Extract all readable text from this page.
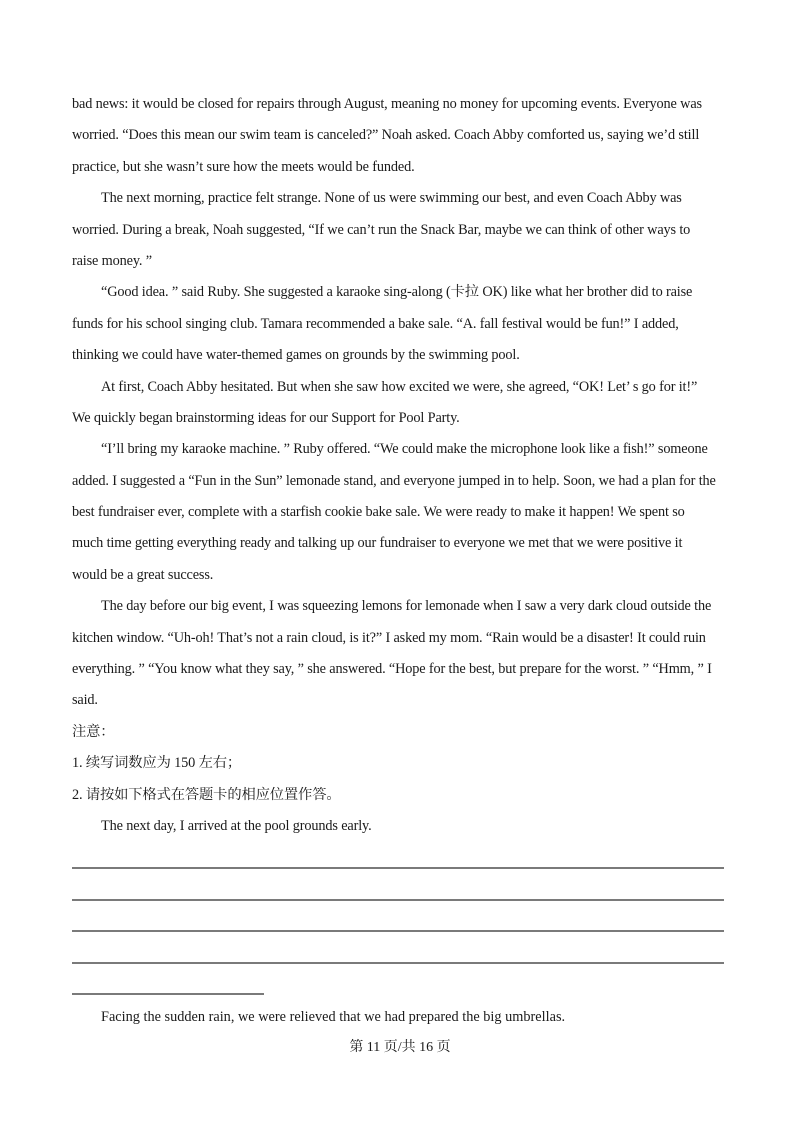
bad news: it would be closed for repairs through August, meaning no money for upcoming events. Everyone was
worried. “Does this mean our swim team is canceled?” Noah asked. Coach Abby comforted us, saying we’d still
practice, but she wasn’t sure how the meets would be funded.
The next morning, practice felt strange. None of us were swimming our best, and even Coach Abby was
worried. During a break, Noah suggested, “If we can’t run the Snack Bar, maybe we can think of other ways to
raise money. ”
“Good idea. ” said Ruby. She suggested a karaoke sing-along (卡拉 OK) like what her brother did to raise
funds for his school singing club. Tamara recommended a bake sale. “A. fall festival would be fun!” I added,
thinking we could have water-themed games on grounds by the swimming pool.
At first, Coach Abby hesitated. But when she saw how excited we were, she agreed, “OK! Let’ s go for it!”
We quickly began brainstorming ideas for our Support for Pool Party.
“I’ll bring my karaoke machine. ” Ruby offered. “We could make the microphone look like a fish!” someone
added. I suggested a “Fun in the Sun” lemonade stand, and everyone jumped in to help. Soon, we had a plan for the
best fundraiser ever, complete with a starfish cookie bake sale. We were ready to make it happen! We spent so
much time getting everything ready and talking up our fundraiser to everyone we met that we were positive it
would be a great success.
The day before our big event, I was squeezing lemons for lemonade when I saw a very dark cloud outside the
kitchen window. “Uh-oh! That’s not a rain cloud, is it?” I asked my mom. “Rain would be a disaster! It could ruin
everything. ” “You know what they say, ” she answered. “Hope for the best, but prepare for the worst. ” “Hmm, ” I
said.
注意：
1. 续写词数应为 150 左右；
2. 请按如下格式在答题卡的相应位置作答。
The next day, I arrived at the pool grounds early.
Facing the sudden rain, we were relieved that we had prepared the big umbrellas.
第 11 页/共 16 页
